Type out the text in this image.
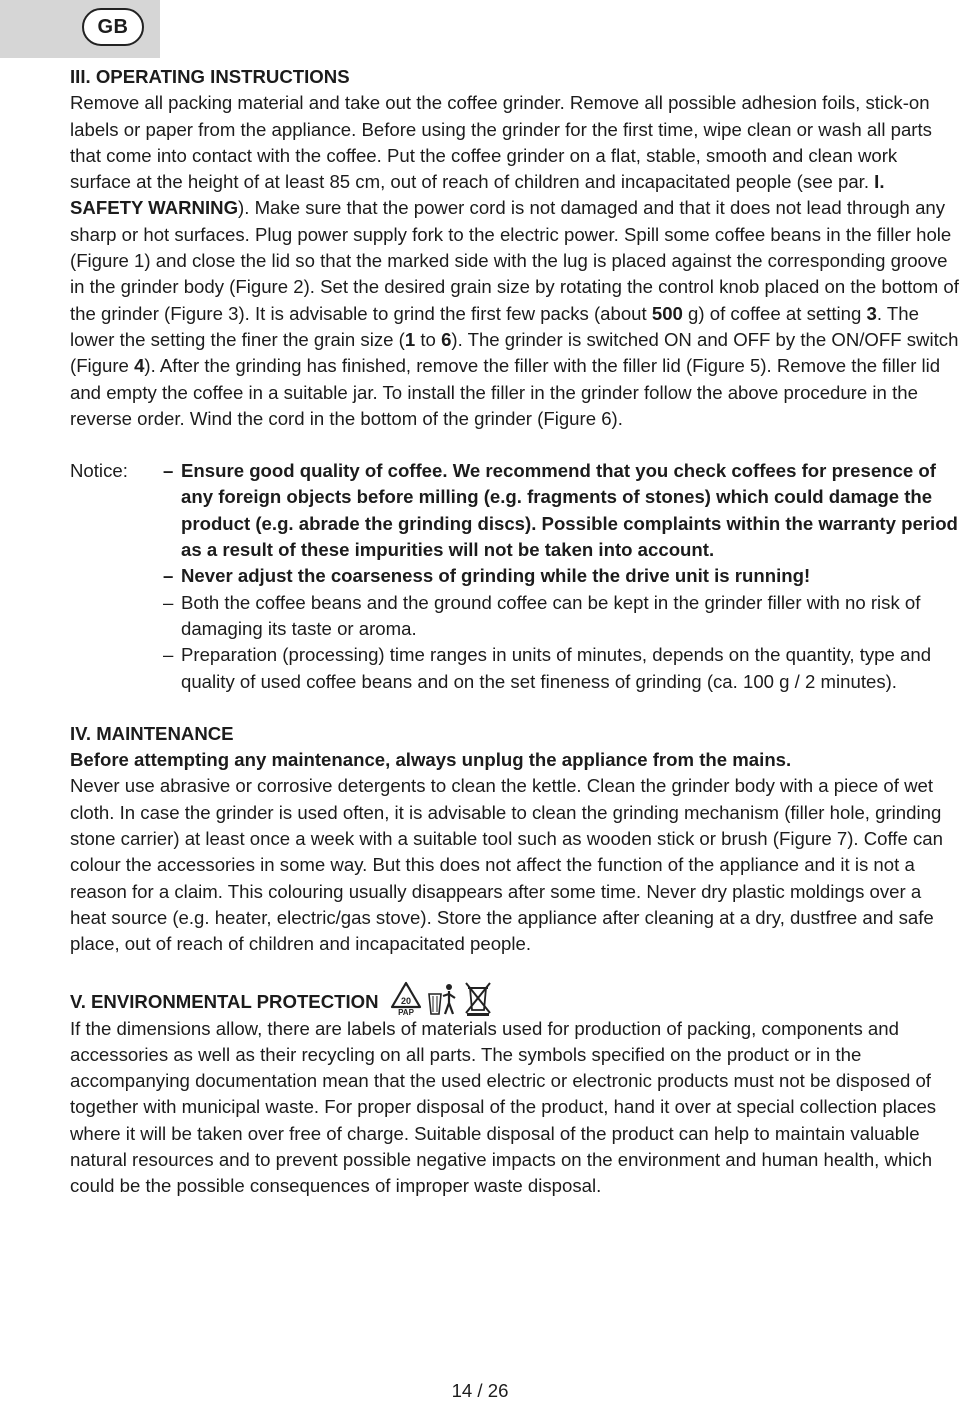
GB
III. OPERATING INSTRUCTIONS

Remove all packing material and take out the coffee grinder. Remove all possible adhesion foils, stick-on labels or paper from the appliance. Before using the grinder for the first time, wipe clean or wash all parts that come into contact with the coffee. Put the coffee grinder on a flat, stable, smooth and clean work surface at the height of at least 85 cm, out of reach of children and incapacitated people (see par. I. SAFETY WARNING). Make sure that the power cord is not damaged and that it does not lead through any sharp or hot surfaces. Plug power supply fork to the electric power. Spill some coffee beans in the filler hole (Figure 1) and close the lid so that the marked side with the lug is placed against the corresponding groove in the grinder body (Figure 2). Set the desired grain size by rotating the control knob placed on the bottom of the grinder (Figure 3). It is advisable to grind the first few packs (about 500 g) of coffee at setting 3. The lower the setting the finer the grain size (1 to 6). The grinder is switched ON and OFF by the ON/OFF switch (Figure 4). After the grinding has finished, remove the filler with the filler lid (Figure 5). Remove the filler lid and empty the coffee in a suitable jar. To install the filler in the grinder follow the above procedure in the reverse order. Wind the cord in the bottom of the grinder (Figure 6).

Notice:	– Ensure good quality of coffee. We recommend that you check coffees for presence of any foreign objects before milling (e.g. fragments of stones) which could damage the product (e.g. abrade the grinding discs). Possible complaints within the warranty period as a result of these impurities will not be taken into account.
– Never adjust the coarseness of grinding while the drive unit is running!
– Both the coffee beans and the ground coffee can be kept in the grinder filler with no risk of damaging its taste or aroma.
– Preparation (processing) time ranges in units of minutes, depends on the quantity, type and quality of used coffee beans and on the set fineness of grinding (ca. 100 g / 2 minutes).
IV. MAINTENANCE

Before attempting any maintenance, always unplug the appliance from the mains.

Never use abrasive or corrosive detergents to clean the kettle. Clean the grinder body with a piece of wet cloth. In case the grinder is used often, it is advisable to clean the grinding mechanism (filler hole, grinding stone carrier) at least once a week with a suitable tool such as wooden stick or brush (Figure 7). Coffe can colour the accessories in some way. But this does not affect the function of the appliance and it is not a reason for a claim. This colouring usually disappears after some time. Never dry plastic moldings over a heat source (e.g. heater, electric/gas stove). Store the appliance after cleaning at a dry, dustfree and safe place, out of reach of children and incapacitated people.

V. ENVIRONMENTAL PROTECTION 20
PAP

If the dimensions allow, there are labels of materials used for production of packing, components and accessories as well as their recycling on all parts. The symbols specified on the product or in the accompanying documentation mean that the used electric or electronic products must not be disposed of together with municipal waste. For proper disposal of the product, hand it over at special collection places where it will be taken over free of charge. Suitable disposal of the product can help to maintain valuable natural resources and to prevent possible negative impacts on the environment and human health, which could be the possible consequences of improper waste disposal.

14 / 26
